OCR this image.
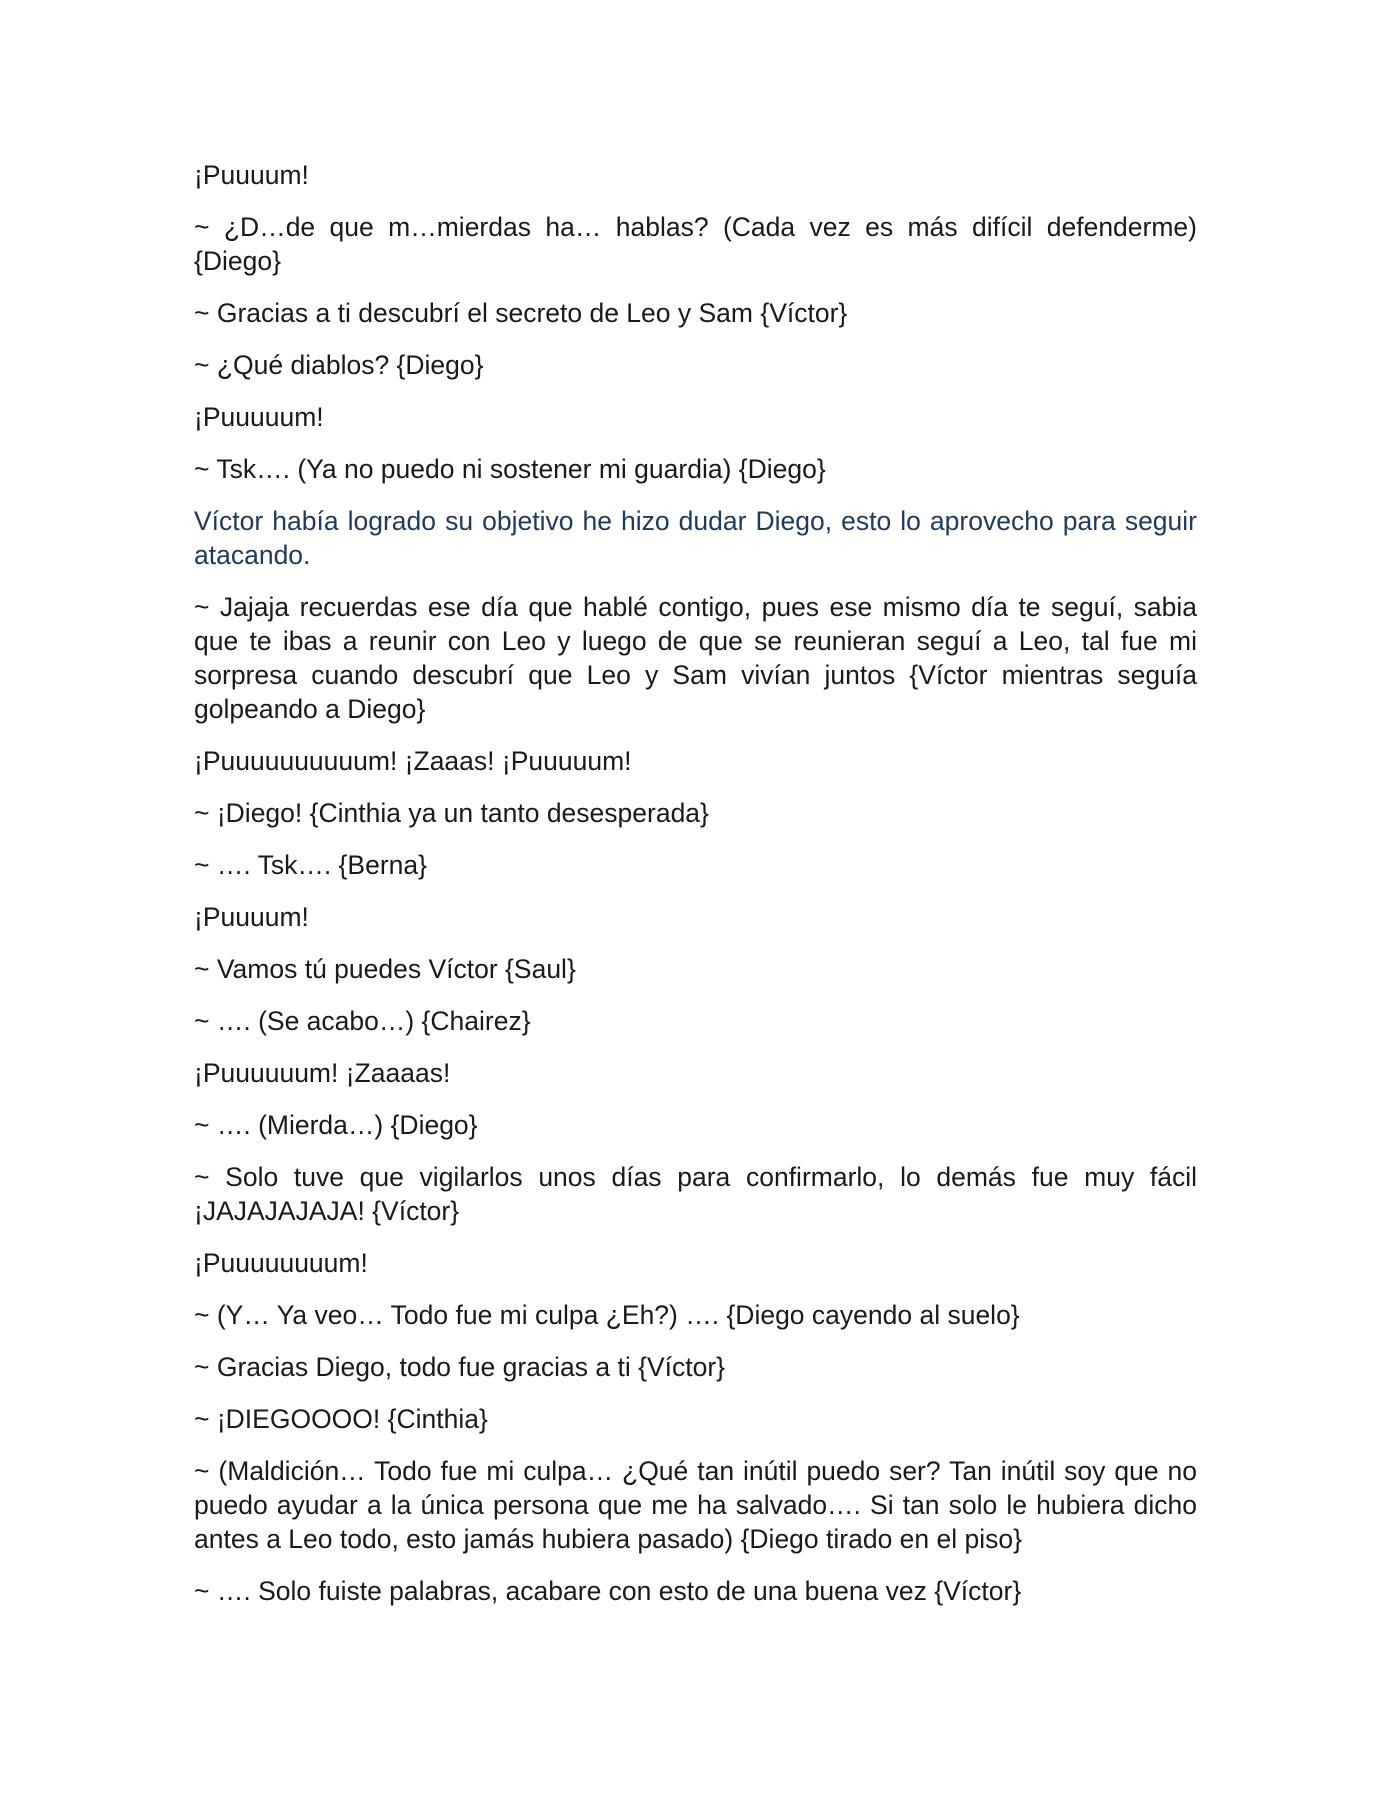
¡Puuuum!

~ ¿D…de que m…mierdas ha… hablas? (Cada vez es más difícil defenderme) {Diego}

~ Gracias a ti descubrí el secreto de Leo y Sam {Víctor}

~ ¿Qué diablos? {Diego}

¡Puuuuum!

~ Tsk…. (Ya no puedo ni sostener mi guardia) {Diego}

Víctor había logrado su objetivo he hizo dudar Diego, esto lo aprovecho para seguir atacando.

~ Jajaja recuerdas ese día que hablé contigo, pues ese mismo día te seguí, sabia que te ibas a reunir con Leo y luego de que se reunieran seguí a Leo, tal fue mi sorpresa cuando descubrí que Leo y Sam vivían juntos {Víctor mientras seguía golpeando a Diego}

¡Puuuuuuuuuum! ¡Zaaas! ¡Puuuuum!

~ ¡Diego! {Cinthia ya un tanto desesperada}

~ …. Tsk…. {Berna}

¡Puuuum!

~ Vamos tú puedes Víctor {Saul}

~ …. (Se acabo…) {Chairez}

¡Puuuuuum! ¡Zaaaas!

~ …. (Mierda…) {Diego}

~ Solo tuve que vigilarlos unos días para confirmarlo, lo demás fue muy fácil ¡JAJAJAJAJA! {Víctor}

¡Puuuuuuuum!

~ (Y… Ya veo… Todo fue mi culpa ¿Eh?) …. {Diego cayendo al suelo}

~ Gracias Diego, todo fue gracias a ti {Víctor}

~ ¡DIEGOOOO! {Cinthia}

~ (Maldición… Todo fue mi culpa… ¿Qué tan inútil puedo ser? Tan inútil soy que no puedo ayudar a la única persona que me ha salvado…. Si tan solo le hubiera dicho antes a Leo todo, esto jamás hubiera pasado) {Diego tirado en el piso}

~ …. Solo fuiste palabras, acabare con esto de una buena vez {Víctor}
